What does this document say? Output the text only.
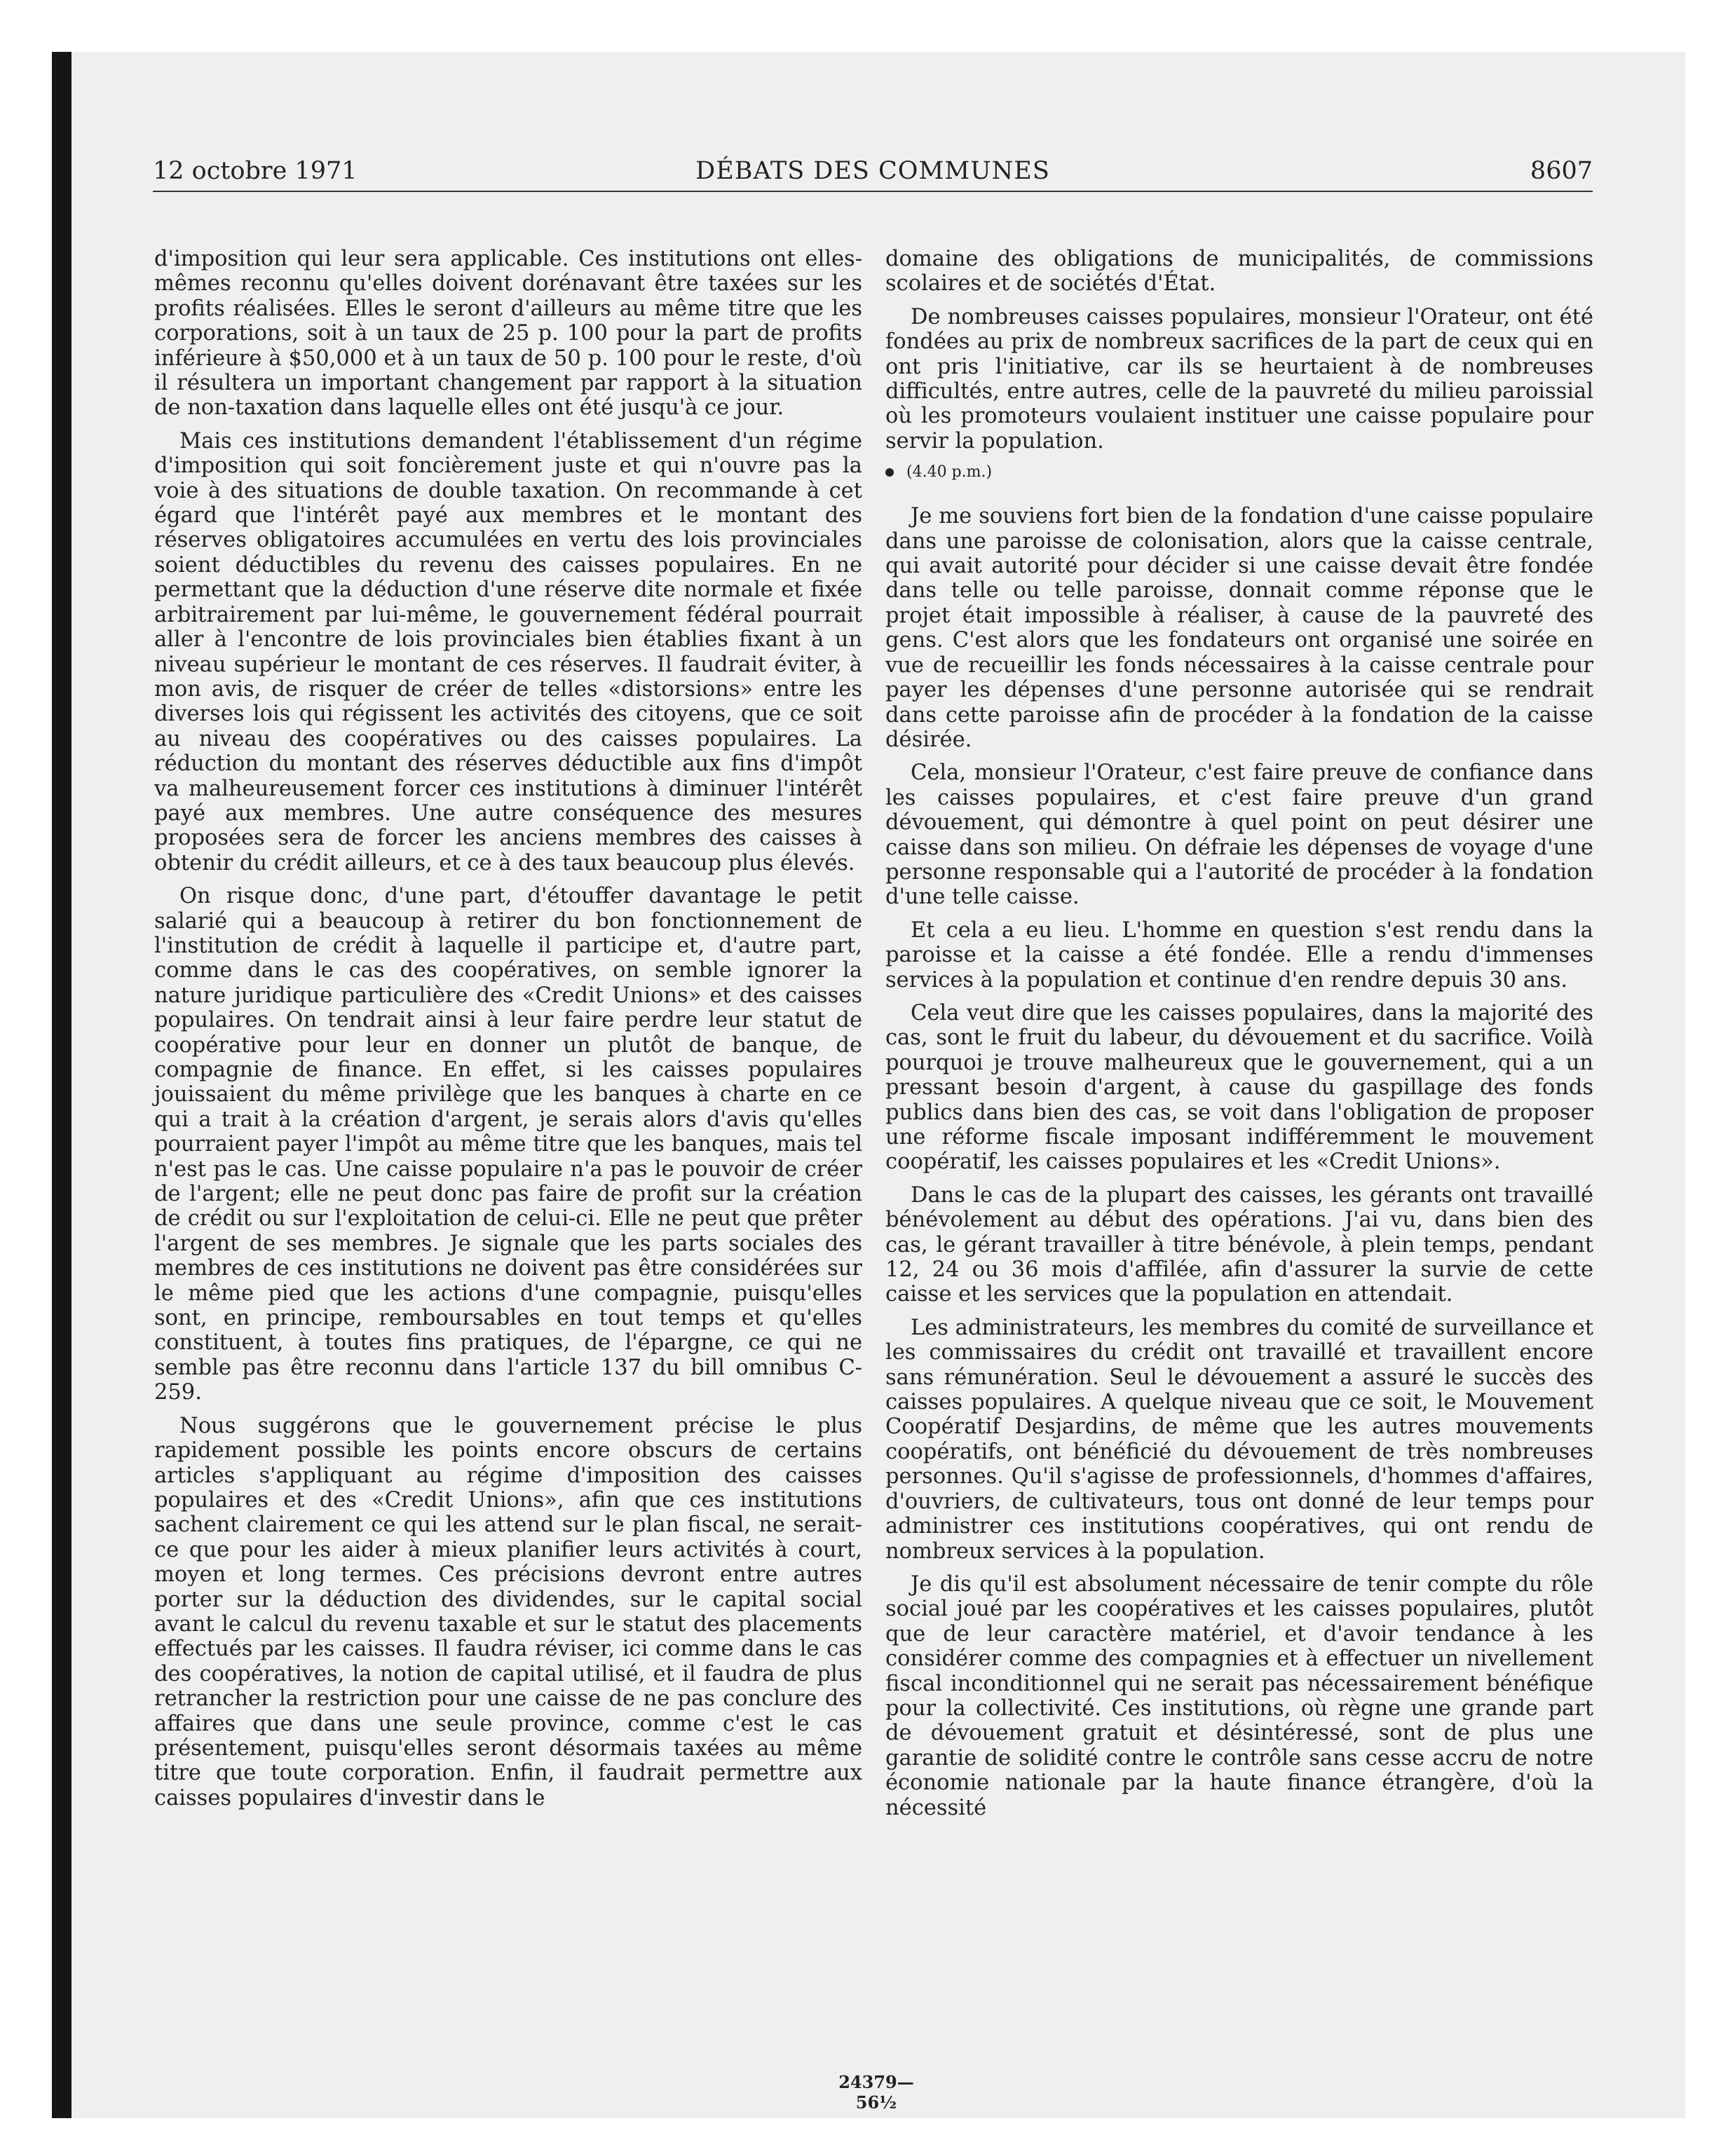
12 octobre 1971	DÉBATS DES COMMUNES	8607

d'imposition qui leur sera applicable. Ces institutions ont elles-mêmes reconnu qu'elles doivent dorénavant être taxées sur les profits réalisées. Elles le seront d'ailleurs au même titre que les corporations, soit à un taux de 25 p. 100 pour la part de profits inférieure à $50,000 et à un taux de 50 p. 100 pour le reste, d'où il résultera un important changement par rapport à la situation de non-taxation dans laquelle elles ont été jusqu'à ce jour.

Mais ces institutions demandent l'établissement d'un régime d'imposition qui soit foncièrement juste et qui n'ouvre pas la voie à des situations de double taxation. On recommande à cet égard que l'intérêt payé aux membres et le montant des réserves obligatoires accumulées en vertu des lois provinciales soient déductibles du revenu des caisses populaires. En ne permettant que la déduction d'une réserve dite normale et fixée arbitrairement par lui-même, le gouvernement fédéral pourrait aller à l'encontre de lois provinciales bien établies fixant à un niveau supérieur le montant de ces réserves. Il faudrait éviter, à mon avis, de risquer de créer de telles «distorsions» entre les diverses lois qui régissent les activités des citoyens, que ce soit au niveau des coopératives ou des caisses populaires. La réduction du montant des réserves déductible aux fins d'impôt va malheureusement forcer ces institutions à diminuer l'intérêt payé aux membres. Une autre conséquence des mesures proposées sera de forcer les anciens membres des caisses à obtenir du crédit ailleurs, et ce à des taux beaucoup plus élevés.

On risque donc, d'une part, d'étouffer davantage le petit salarié qui a beaucoup à retirer du bon fonctionnement de l'institution de crédit à laquelle il participe et, d'autre part, comme dans le cas des coopératives, on semble ignorer la nature juridique particulière des «Credit Unions» et des caisses populaires. On tendrait ainsi à leur faire perdre leur statut de coopérative pour leur en donner un plutôt de banque, de compagnie de finance. En effet, si les caisses populaires jouissaient du même privilège que les banques à charte en ce qui a trait à la création d'argent, je serais alors d'avis qu'elles pourraient payer l'impôt au même titre que les banques, mais tel n'est pas le cas. Une caisse populaire n'a pas le pouvoir de créer de l'argent; elle ne peut donc pas faire de profit sur la création de crédit ou sur l'exploitation de celui-ci. Elle ne peut que prêter l'argent de ses membres. Je signale que les parts sociales des membres de ces institutions ne doivent pas être considérées sur le même pied que les actions d'une compagnie, puisqu'elles sont, en principe, remboursables en tout temps et qu'elles constituent, à toutes fins pratiques, de l'épargne, ce qui ne semble pas être reconnu dans l'article 137 du bill omnibus C-259.

Nous suggérons que le gouvernement précise le plus rapidement possible les points encore obscurs de certains articles s'appliquant au régime d'imposition des caisses populaires et des «Credit Unions», afin que ces institutions sachent clairement ce qui les attend sur le plan fiscal, ne serait-ce que pour les aider à mieux planifier leurs activités à court, moyen et long termes. Ces précisions devront entre autres porter sur la déduction des dividendes, sur le capital social avant le calcul du revenu taxable et sur le statut des placements effectués par les caisses. Il faudra réviser, ici comme dans le cas des coopératives, la notion de capital utilisé, et il faudra de plus retrancher la restriction pour une caisse de ne pas conclure des affaires que dans une seule province, comme c'est le cas présentement, puisqu'elles seront désormais taxées au même titre que toute corporation. Enfin, il faudrait permettre aux caisses populaires d'investir dans le

domaine des obligations de municipalités, de commissions scolaires et de sociétés d'État.

De nombreuses caisses populaires, monsieur l'Orateur, ont été fondées au prix de nombreux sacrifices de la part de ceux qui en ont pris l'initiative, car ils se heurtaient à de nombreuses difficultés, entre autres, celle de la pauvreté du milieu paroissial où les promoteurs voulaient instituer une caisse populaire pour servir la population.

(4.40 p.m.)

Je me souviens fort bien de la fondation d'une caisse populaire dans une paroisse de colonisation, alors que la caisse centrale, qui avait autorité pour décider si une caisse devait être fondée dans telle ou telle paroisse, donnait comme réponse que le projet était impossible à réaliser, à cause de la pauvreté des gens. C'est alors que les fondateurs ont organisé une soirée en vue de recueillir les fonds nécessaires à la caisse centrale pour payer les dépenses d'une personne autorisée qui se rendrait dans cette paroisse afin de procéder à la fondation de la caisse désirée.

Cela, monsieur l'Orateur, c'est faire preuve de confiance dans les caisses populaires, et c'est faire preuve d'un grand dévouement, qui démontre à quel point on peut désirer une caisse dans son milieu. On défraie les dépenses de voyage d'une personne responsable qui a l'autorité de procéder à la fondation d'une telle caisse.

Et cela a eu lieu. L'homme en question s'est rendu dans la paroisse et la caisse a été fondée. Elle a rendu d'immenses services à la population et continue d'en rendre depuis 30 ans.

Cela veut dire que les caisses populaires, dans la majorité des cas, sont le fruit du labeur, du dévouement et du sacrifice. Voilà pourquoi je trouve malheureux que le gouvernement, qui a un pressant besoin d'argent, à cause du gaspillage des fonds publics dans bien des cas, se voit dans l'obligation de proposer une réforme fiscale imposant indifféremment le mouvement coopératif, les caisses populaires et les «Credit Unions».

Dans le cas de la plupart des caisses, les gérants ont travaillé bénévolement au début des opérations. J'ai vu, dans bien des cas, le gérant travailler à titre bénévole, à plein temps, pendant 12, 24 ou 36 mois d'affilée, afin d'assurer la survie de cette caisse et les services que la population en attendait.

Les administrateurs, les membres du comité de surveillance et les commissaires du crédit ont travaillé et travaillent encore sans rémunération. Seul le dévouement a assuré le succès des caisses populaires. A quelque niveau que ce soit, le Mouvement Coopératif Desjardins, de même que les autres mouvements coopératifs, ont bénéficié du dévouement de très nombreuses personnes. Qu'il s'agisse de professionnels, d'hommes d'affaires, d'ouvriers, de cultivateurs, tous ont donné de leur temps pour administrer ces institutions coopératives, qui ont rendu de nombreux services à la population.

Je dis qu'il est absolument nécessaire de tenir compte du rôle social joué par les coopératives et les caisses populaires, plutôt que de leur caractère matériel, et d'avoir tendance à les considérer comme des compagnies et à effectuer un nivellement fiscal inconditionnel qui ne serait pas nécessairement bénéfique pour la collectivité. Ces institutions, où règne une grande part de dévouement gratuit et désintéressé, sont de plus une garantie de solidité contre le contrôle sans cesse accru de notre économie nationale par la haute finance étrangère, d'où la nécessité

24379—56½
